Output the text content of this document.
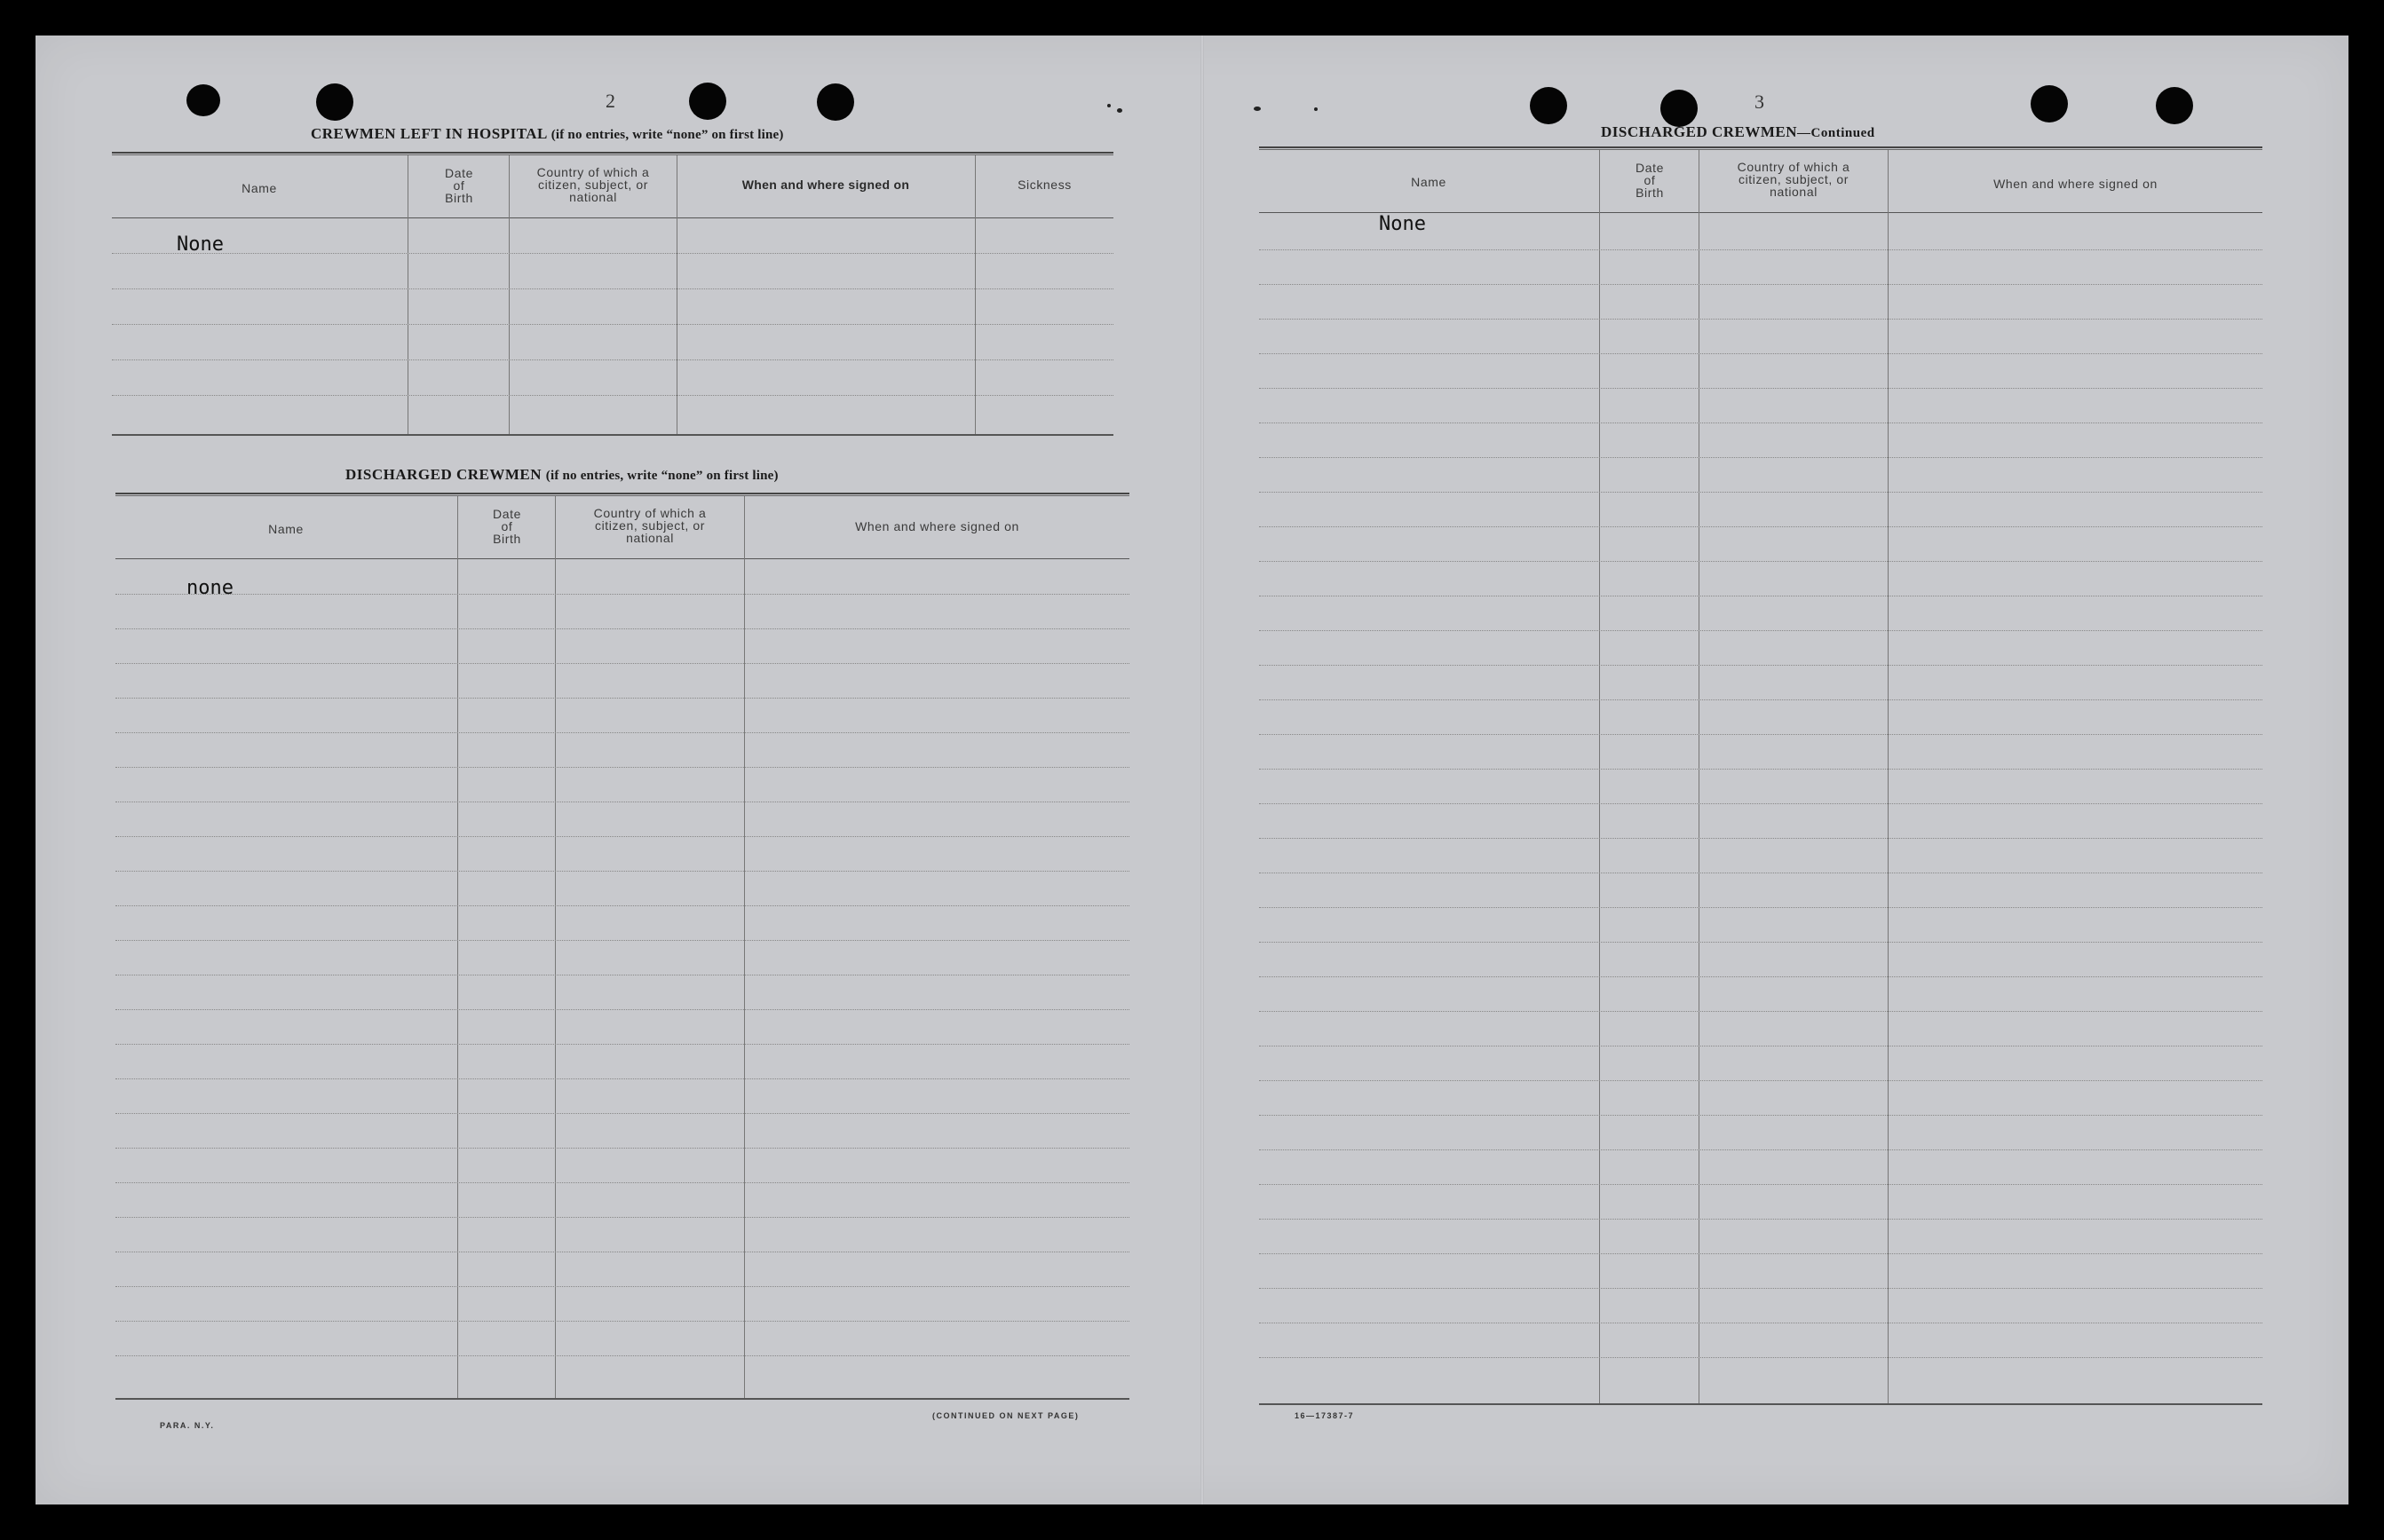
2
CREWMEN LEFT IN HOSPITAL (if no entries, write “none” on first line)
Name
Date
of
Birth
Country of which a
citizen, subject, or
national
When and where signed on	Sickness
None
DISCHARGED CREWMEN (if no entries, write “none” on first line)
Name
Date
of
Birth
Country of which a
citizen, subject, or
national
When and where signed on
none
PARA. N.Y.
(CONTINUED ON NEXT PAGE)
3
DISCHARGED CREWMEN—Continued
Name
Date
of
Birth
Country of which a
citizen, subject, or
national
When and where signed on
None
16—17387-7
